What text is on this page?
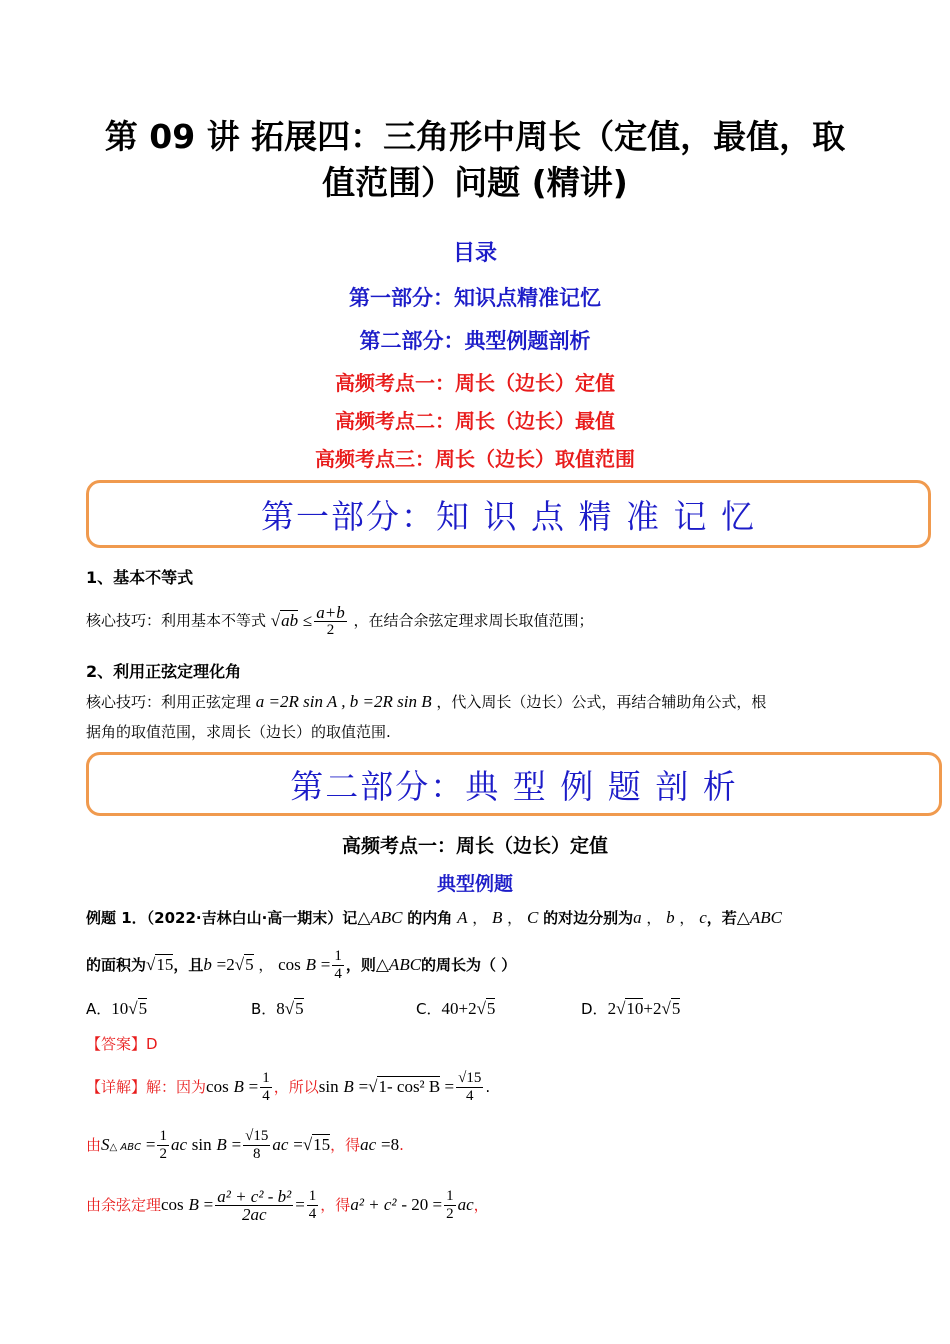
第 09 讲 拓展四：三角形中周长（定值，最值，取
值范围）问题 (精讲)
目录
第一部分：知识点精准记忆
第二部分：典型例题剖析
高频考点一：周长（边长）定值
高频考点二：周长（边长）最值
高频考点三：周长（边长）取值范围
第一部分：知 识 点 精 准 记 忆
1、基本不等式
核心技巧：利用基本不等式 $√ab \le \frac{a+b}{2}$ ，在结合余弦定理求周长取值范围；
2、利用正弦定理化角
核心技巧：利用正弦定理 a =2R sin A , b =2R sin B ，代入周长（边长）公式，再结合辅助角公式，根
据角的取值范围，求周长（边长）的取值范围.
第二部分：典 型 例 题 剖 析
高频考点一：周长（边长）定值
典型例题
例题 1．（2022·吉林白山·高一期末）记△ABC 的内角 A ， B ， C 的对边分别为a ， b ， c，若△ABC
的面积为√15，且b =2√5 ， $\cos B = \frac{1}{4}$ ，则△ABC的周长为（ ）
A．10√5	B．8√5	C．40+2√5	D．2√10+2√5
【答案】D
【详解】解：因为$\cos B = \frac{1}{4}$ ，所以sin B =√1- cos² $B = \frac{√15}{4}$ .
由S△ ABC = $\frac{1}{2}$ ac $\sin B = \frac{√15}{8}$ ac =√15，得ac =8.
由余弦定理$\cos B = \frac{\text{a² + c² - b²}}{2ac} = \frac{1}{4}$ ，得$a^2 + c^2 - 20 = \frac{1}{2}$ ac，
